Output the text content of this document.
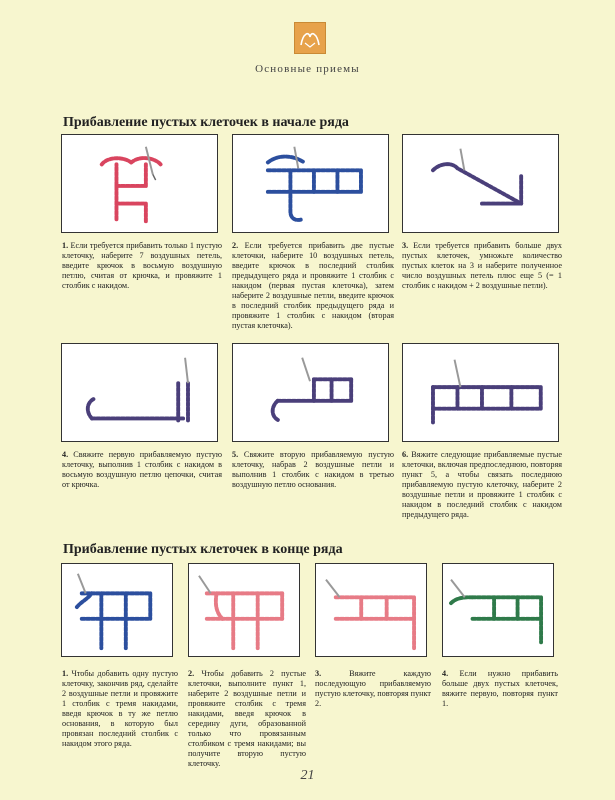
Основные приемы
Прибавление пустых клеточек в начале ряда
1. Если требуется прибавить только 1 пустую клеточку, наберите 7 воздушных петель, введите крючок в восьмую воздушную петлю, считая от крючка, и провяжите 1 столбик с накидом.
2. Если требуется прибавить две пустые клеточки, наберите 10 воздушных петель, введите крючок в последний столбик предыдущего ряда и провяжите 1 столбик с накидом (первая пустая клеточка), затем наберите 2 воздушные петли, введите крючок в последний столбик предыдущего ряда и провяжите 1 столбик с накидом (вторая пустая клеточка).
3. Если требуется прибавить больше двух пустых клеточек, умножьте количество пустых клеток на 3 и наберите полученное число воздушных петель плюс еще 5 (= 1 столбик с накидом + 2 воздушные петли).
4. Свяжите первую прибавляемую пустую клеточку, выполнив 1 столбик с накидом в восьмую воздушную петлю цепочки, считая от крючка.
5. Свяжите вторую прибавляемую пустую клеточку, набрав 2 воздушные петли и выполнив 1 столбик с накидом в третью воздушную петлю основания.
6. Вяжите следующие прибавляемые пустые клеточки, включая предпоследнюю, повторяя пункт 5, а чтобы связать последнюю прибавляемую пустую клеточку, наберите 2 воздушные петли и провяжите 1 столбик с накидом в последний столбик с накидом предыдущего ряда.
Прибавление пустых клеточек в конце ряда
1. Чтобы добавить одну пустую клеточку, закончив ряд, сделайте 2 воздушные петли и провяжите 1 столбик с тремя накидами, введя крючок в ту же петлю основания, в которую был провязан последний столбик с накидом этого ряда.
2. Чтобы добавить 2 пустые клеточки, выполните пункт 1, наберите 2 воздушные петли и провяжите столбик с тремя накидами, введя крючок в середину дуги, образованной только что провязанным столбиком с тремя накидами; вы получите вторую пустую клеточку.
3.	Вяжите каждую последующую прибавляемую пустую клеточку, повторяя пункт 2.
4. Если нужно прибавить больше двух пустых клеточек, вяжите первую, повторяя пункт 1.
21
